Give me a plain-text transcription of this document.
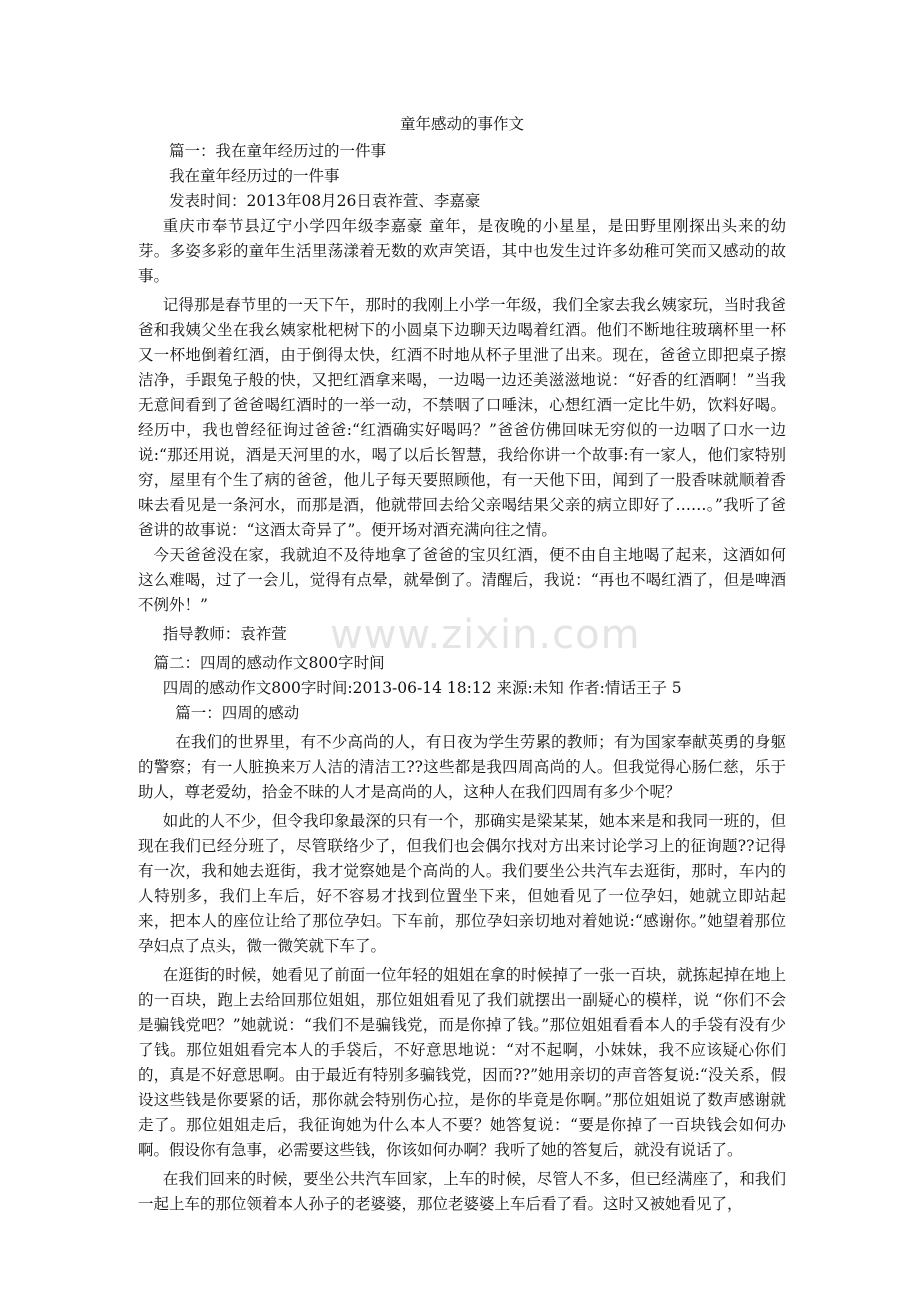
www.zixin.com
童年感动的事作文

篇一：我在童年经历过的一件事

我在童年经历过的一件事

发表时间：2013年08月26日袁祚萱、李嘉豪

重庆市奉节县辽宁小学四年级李嘉豪 童年，是夜晚的小星星，是田野里刚探出头来的幼芽。多姿多彩的童年生活里荡漾着无数的欢声笑语，其中也发生过许多幼稚可笑而又感动的故事。

记得那是春节里的一天下午，那时的我刚上小学一年级，我们全家去我幺姨家玩，当时我爸爸和我姨父坐在我幺姨家枇杷树下的小圆桌下边聊天边喝着红酒。他们不断地往玻璃杯里一杯又一杯地倒着红酒，由于倒得太快，红酒不时地从杯子里泄了出来。现在，爸爸立即把桌子擦洁净，手跟兔子般的快，又把红酒拿来喝，一边喝一边还美滋滋地说：“好香的红酒啊！”当我无意间看到了爸爸喝红酒时的一举一动，不禁咽了口唾沫，心想红酒一定比牛奶，饮料好喝。经历中，我也曾经征询过爸爸:“红酒确实好喝吗？”爸爸仿佛回味无穷似的一边咽了口水一边说:“那还用说，酒是天河里的水，喝了以后长智慧，我给你讲一个故事:有一家人，他们家特别穷，屋里有个生了病的爸爸，他儿子每天要照顾他，有一天他下田，闻到了一股香味就顺着香味去看见是一条河水，而那是酒，他就带回去给父亲喝结果父亲的病立即好了……。”我听了爸爸讲的故事说：“这酒太奇异了”。便开场对酒充满向往之情。

今天爸爸没在家，我就迫不及待地拿了爸爸的宝贝红酒，便不由自主地喝了起来，这酒如何这么难喝，过了一会儿，觉得有点晕，就晕倒了。清醒后，我说：“再也不喝红酒了，但是啤酒不例外！”

指导教师：袁祚萱

篇二：四周的感动作文800字时间

四周的感动作文800字时间:2013-06-14 18:12 来源:未知 作者:情话王子 5

篇一：四周的感动

在我们的世界里，有不少高尚的人，有日夜为学生劳累的教师；有为国家奉献英勇的身躯的警察；有一人脏换来万人洁的清洁工??这些都是我四周高尚的人。但我觉得心肠仁慈，乐于助人，尊老爱幼，拾金不昧的人才是高尚的人，这种人在我们四周有多少个呢？

如此的人不少，但令我印象最深的只有一个，那确实是梁某某，她本来是和我同一班的，但现在我们已经分班了，尽管联络少了，但我们也会偶尔找对方出来讨论学习上的征询题??记得有一次，我和她去逛街，我才觉察她是个高尚的人。我们要坐公共汽车去逛街，那时，车内的人特别多，我们上车后，好不容易才找到位置坐下来，但她看见了一位孕妇，她就立即站起来，把本人的座位让给了那位孕妇。下车前，那位孕妇亲切地对着她说:“感谢你。”她望着那位孕妇点了点头，微一微笑就下车了。

在逛街的时候，她看见了前面一位年轻的姐姐在拿的时候掉了一张一百块，就拣起掉在地上的一百块，跑上去给回那位姐姐，那位姐姐看见了我们就摆出一副疑心的模样，说 “你们不会是骗钱党吧？”她就说：“我们不是骗钱党，而是你掉了钱。”那位姐姐看看本人的手袋有没有少了钱。那位姐姐看完本人的手袋后，不好意思地说：“对不起啊，小妹妹，我不应该疑心你们的，真是不好意思啊。由于最近有特别多骗钱党，因而??”她用亲切的声音答复说:“没关系，假设这些钱是你要紧的话，那你就会特别伤心拉，是你的毕竟是你啊。”那位姐姐说了数声感谢就走了。那位姐姐走后，我征询她为什么本人不要？她答复说：“要是你掉了一百块钱会如何办啊。假设你有急事，必需要这些钱，你该如何办啊？我听了她的答复后，就没有说话了。

在我们回来的时候，要坐公共汽车回家，上车的时候，尽管人不多，但已经满座了，和我们一起上车的那位领着本人孙子的老婆婆，那位老婆婆上车后看了看。这时又被她看见了，
